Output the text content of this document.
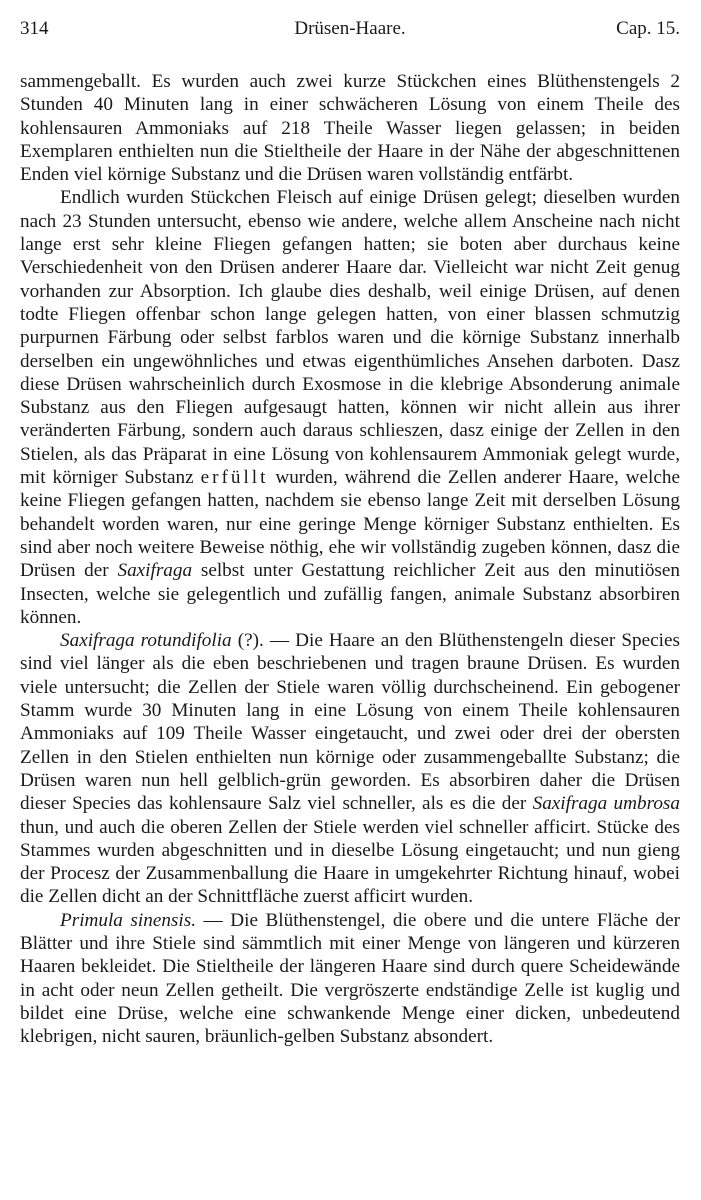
314	Drüsen-Haare.	Cap. 15.

sammengeballt. Es wurden auch zwei kurze Stückchen eines Blüthenstengels 2 Stunden 40 Minuten lang in einer schwächeren Lösung von einem Theile des kohlensauren Ammoniaks auf 218 Theile Wasser liegen gelassen; in beiden Exemplaren enthielten nun die Stieltheile der Haare in der Nähe der abgeschnittenen Enden viel körnige Substanz und die Drüsen waren vollständig entfärbt.

Endlich wurden Stückchen Fleisch auf einige Drüsen gelegt; dieselben wurden nach 23 Stunden untersucht, ebenso wie andere, welche allem Anscheine nach nicht lange erst sehr kleine Fliegen gefangen hatten; sie boten aber durchaus keine Verschiedenheit von den Drüsen anderer Haare dar. Vielleicht war nicht Zeit genug vorhanden zur Absorption. Ich glaube dies deshalb, weil einige Drüsen, auf denen todte Fliegen offenbar schon lange gelegen hatten, von einer blassen schmutzig purpurnen Färbung oder selbst farblos waren und die körnige Substanz innerhalb derselben ein ungewöhnliches und etwas eigenthümliches Ansehen darboten. Dasz diese Drüsen wahrscheinlich durch Exosmose in die klebrige Absonderung animale Substanz aus den Fliegen aufgesaugt hatten, können wir nicht allein aus ihrer veränderten Färbung, sondern auch daraus schlieszen, dasz einige der Zellen in den Stielen, als das Präparat in eine Lösung von kohlensaurem Ammoniak gelegt wurde, mit körniger Substanz erfüllt wurden, während die Zellen anderer Haare, welche keine Fliegen gefangen hatten, nachdem sie ebenso lange Zeit mit derselben Lösung behandelt worden waren, nur eine geringe Menge körniger Substanz enthielten. Es sind aber noch weitere Beweise nöthig, ehe wir vollständig zugeben können, dasz die Drüsen der Saxifraga selbst unter Gestattung reichlicher Zeit aus den minutiösen Insecten, welche sie gelegentlich und zufällig fangen, animale Substanz absorbiren können.

Saxifraga rotundifolia (?). — Die Haare an den Blüthenstengeln dieser Species sind viel länger als die eben beschriebenen und tragen braune Drüsen. Es wurden viele untersucht; die Zellen der Stiele waren völlig durchscheinend. Ein gebogener Stamm wurde 30 Minuten lang in eine Lösung von einem Theile kohlensauren Ammoniaks auf 109 Theile Wasser eingetaucht, und zwei oder drei der obersten Zellen in den Stielen enthielten nun körnige oder zusammengeballte Substanz; die Drüsen waren nun hell gelblich-grün geworden. Es absorbiren daher die Drüsen dieser Species das kohlensaure Salz viel schneller, als es die der Saxifraga umbrosa thun, und auch die oberen Zellen der Stiele werden viel schneller afficirt. Stücke des Stammes wurden abgeschnitten und in dieselbe Lösung eingetaucht; und nun gieng der Procesz der Zusammenballung die Haare in umgekehrter Richtung hinauf, wobei die Zellen dicht an der Schnittfläche zuerst afficirt wurden.

Primula sinensis. — Die Blüthenstengel, die obere und die untere Fläche der Blätter und ihre Stiele sind sämmtlich mit einer Menge von längeren und kürzeren Haaren bekleidet. Die Stieltheile der längeren Haare sind durch quere Scheidewände in acht oder neun Zellen getheilt. Die vergröszerte endständige Zelle ist kuglig und bildet eine Drüse, welche eine schwankende Menge einer dicken, unbedeutend klebrigen, nicht sauren, bräunlich-gelben Substanz absondert.
